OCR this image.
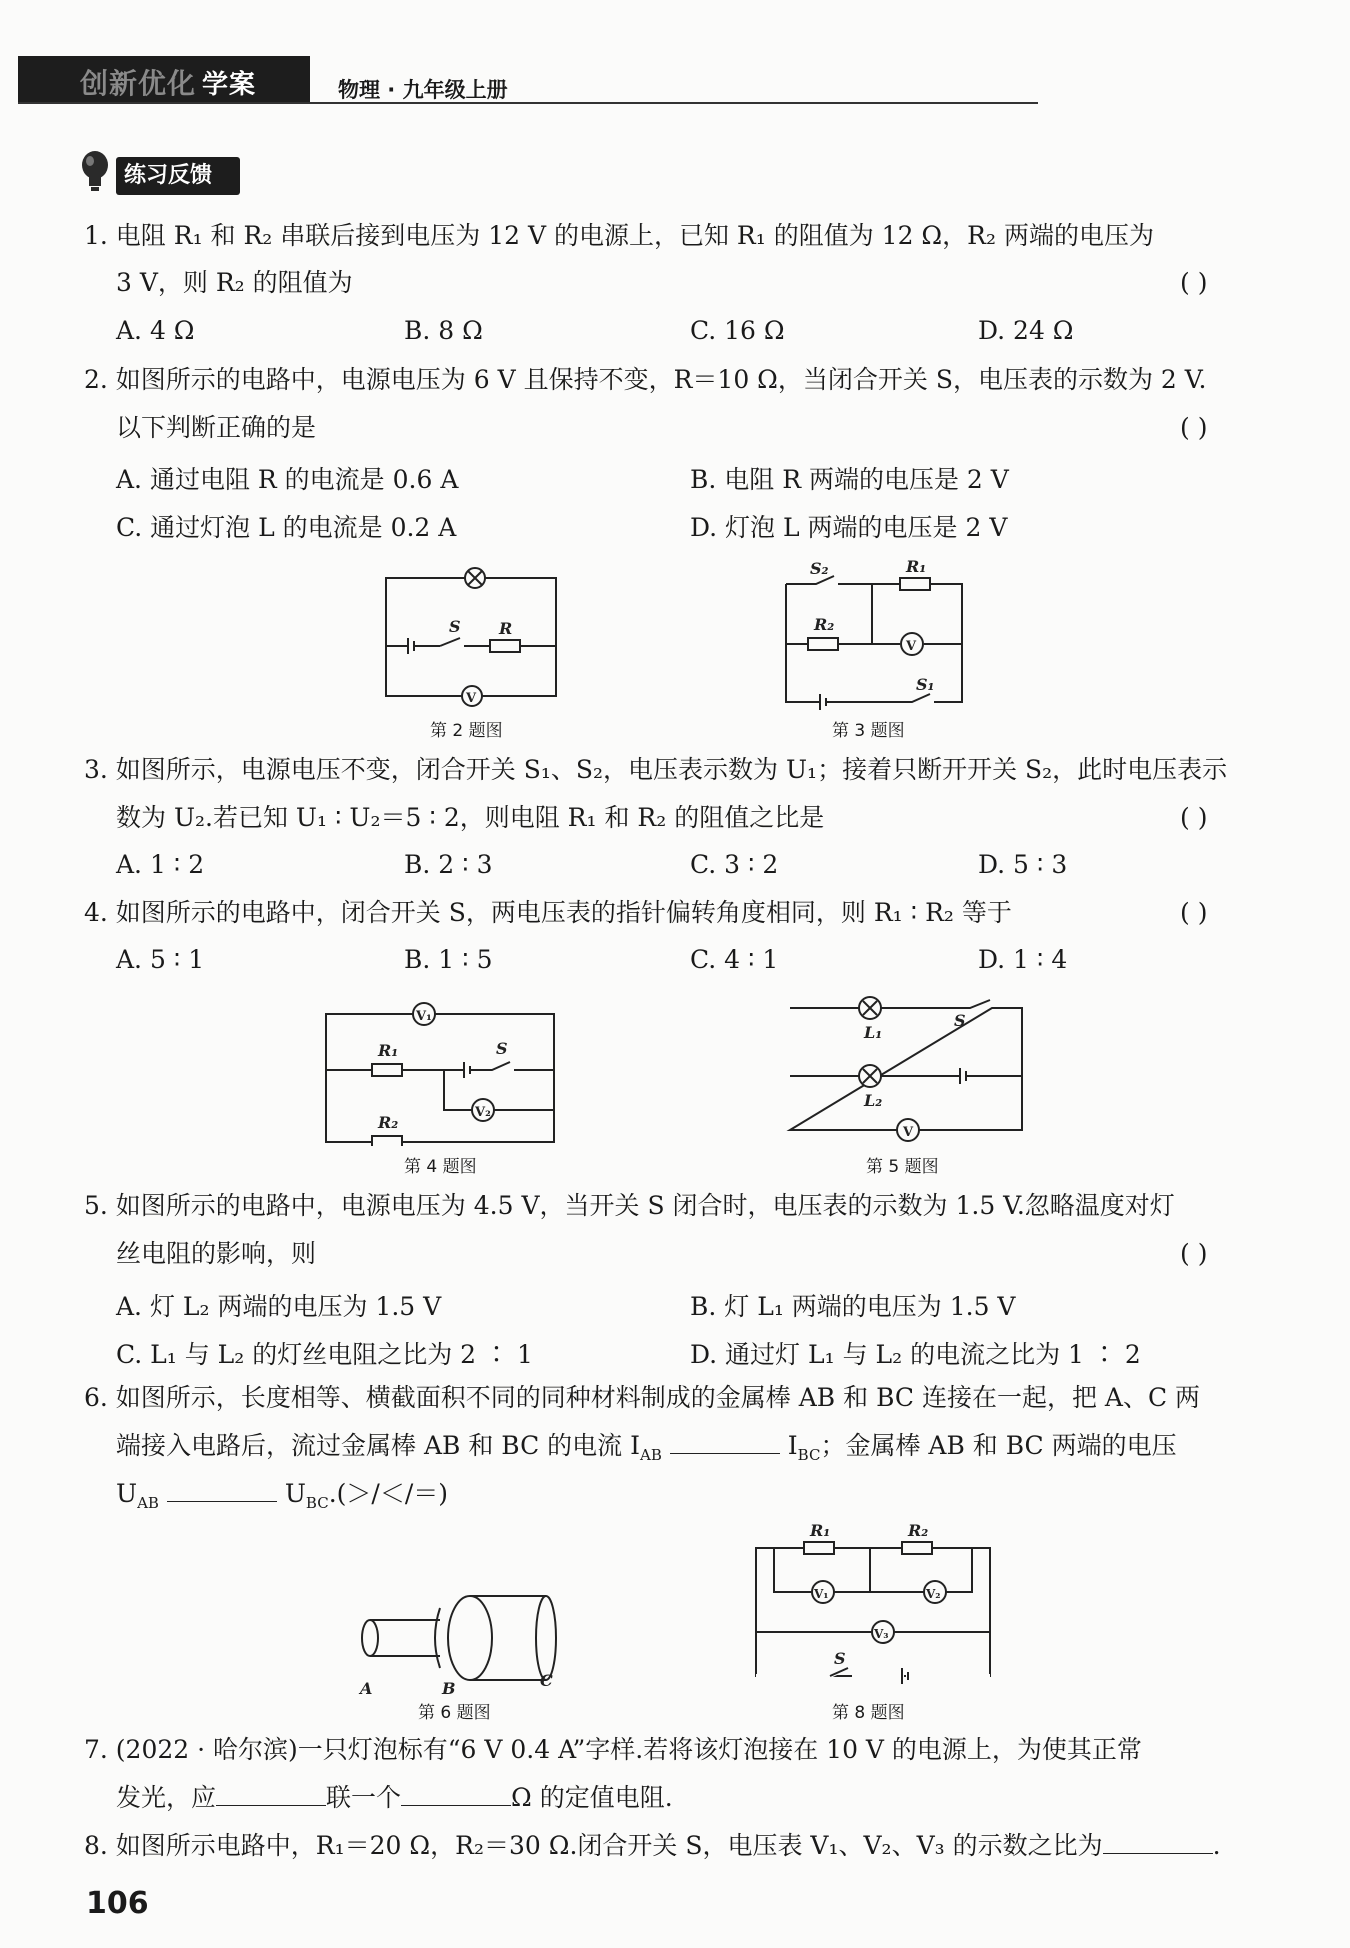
创新优化 学案	物理 · 九年级上册
练习反馈
1. 电阻 R₁ 和 R₂ 串联后接到电压为 12 V 的电源上，已知 R₁ 的阻值为 12 Ω，R₂ 两端的电压为
3 V，则 R₂ 的阻值为	( )
A. 4 Ω	B. 8 Ω	C. 16 Ω	D. 24 Ω
2. 如图所示的电路中，电源电压为 6 V 且保持不变，R＝10 Ω，当闭合开关 S，电压表的示数为 2 V.
以下判断正确的是	( )
A. 通过电阻 R 的电流是 0.6 A	B. 电阻 R 两端的电压是 2 V
C. 通过灯泡 L 的电流是 0.2 A	D. 灯泡 L 两端的电压是 2 V
S R
V
第 2 题图
S₂	R₁
R₂
V
S₁
第 3 题图
3. 如图所示，电源电压不变，闭合开关 S₁、S₂，电压表示数为 U₁；接着只断开开关 S₂，此时电压表示
数为 U₂.若已知 U₁ ∶ U₂＝5 ∶ 2，则电阻 R₁ 和 R₂ 的阻值之比是	( )
A. 1 ∶ 2	B. 2 ∶ 3	C. 3 ∶ 2	D. 5 ∶ 3
4. 如图所示的电路中，闭合开关 S，两电压表的指针偏转角度相同，则 R₁ ∶ R₂ 等于	( )
A. 5 ∶ 1	B. 1 ∶ 5	C. 4 ∶ 1	D. 1 ∶ 4
V₁
R₁	S
V₂
R₂
第 4 题图
L₁
S
L₂
V
第 5 题图
5. 如图所示的电路中，电源电压为 4.5 V，当开关 S 闭合时，电压表的示数为 1.5 V.忽略温度对灯
丝电阻的影响，则	( )
A. 灯 L₂ 两端的电压为 1.5 V	B. 灯 L₁ 两端的电压为 1.5 V
C. L₁ 与 L₂ 的灯丝电阻之比为 2 ∶ 1	D. 通过灯 L₁ 与 L₂ 的电流之比为 1 ∶ 2
6. 如图所示，长度相等、横截面积不同的同种材料制成的金属棒 AB 和 BC 连接在一起，把 A、C 两
端接入电路后，流过金属棒 AB 和 BC 的电流 $I_{AB}$	$I_{BC}$；金属棒 AB 和 BC 两端的电压
$U_{AB}$	$U_{BC}.(>/</=)$
A	B	C
第 6 题图
R₁	R₂
V₁	V₂
V₃
S
第 8 题图
7. (2022 · 哈尔滨)一只灯泡标有“6 V 0.4 A”字样.若将该灯泡接在 10 V 的电源上，为使其正常
发光，应	联一个	Ω 的定值电阻.
8. 如图所示电路中，R₁＝20 Ω，R₂＝30 Ω.闭合开关 S，电压表 V₁、V₂、V₃ 的示数之比为	.
106
